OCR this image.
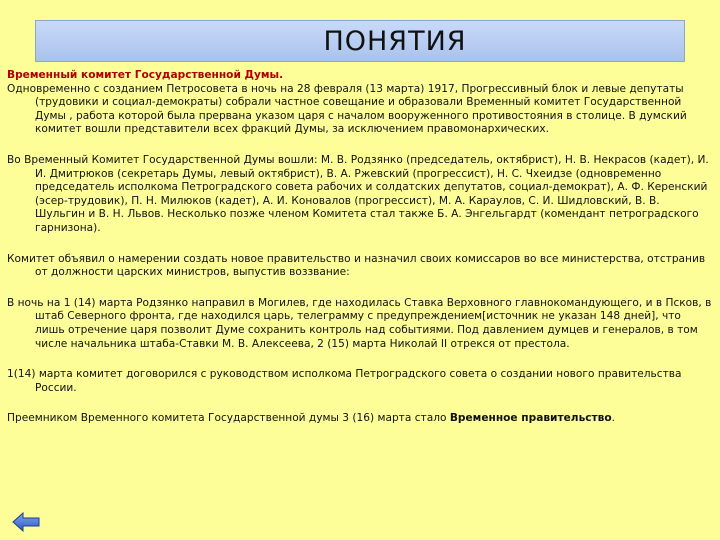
ПОНЯТИЯ
Временный комитет Государственной Думы.
Одновременно с созданием Петросовета в ночь на 28 февраля (13 марта) 1917, Прогрессивный блок и левые депутаты (трудовики и социал-демократы) собрали частное совещание и образовали Временный комитет Государственной Думы , работа которой была прервана указом царя с началом вооруженного противостояния в столице. В думский комитет вошли представители всех фракций Думы, за исключением правомонархических.

Во Временный Комитет Государственной Думы вошли: М. В. Родзянко (председатель, октябрист), Н. В. Некрасов (кадет), И. И. Дмитрюков (секретарь Думы, левый октябрист), В. А. Ржевский (прогрессист), Н. С. Чхеидзе (одновременно председатель исполкома Петроградского совета рабочих и солдатских депутатов, социал-демократ), А. Ф. Керенский (эсер-трудовик), П. Н. Милюков (кадет), А. И. Коновалов (прогрессист), М. А. Караулов, С. И. Шидловский, В. В. Шульгин и В. Н. Львов. Несколько позже членом Комитета стал также Б. А. Энгельгардт (комендант петроградского гарнизона).

Комитет объявил о намерении создать новое правительство и назначил своих комиссаров во все министерства, отстранив от должности царских министров, выпустив воззвание:

В ночь на 1 (14) марта Родзянко направил в Могилев, где находилась Ставка Верховного главнокомандующего, и в Псков, в штаб Северного фронта, где находился царь, телеграмму с предупреждением[источник не указан 148 дней], что лишь отречение царя позволит Думе сохранить контроль над событиями. Под давлением думцев и генералов, в том числе начальника штаба-Ставки М. В. Алексеева, 2 (15) марта Николай II отрекся от престола.

1(14) марта комитет договорился с руководством исполкома Петроградского совета о создании нового правительства России.

Преемником Временного комитета Государственной думы 3 (16) марта стало Временное правительство.
